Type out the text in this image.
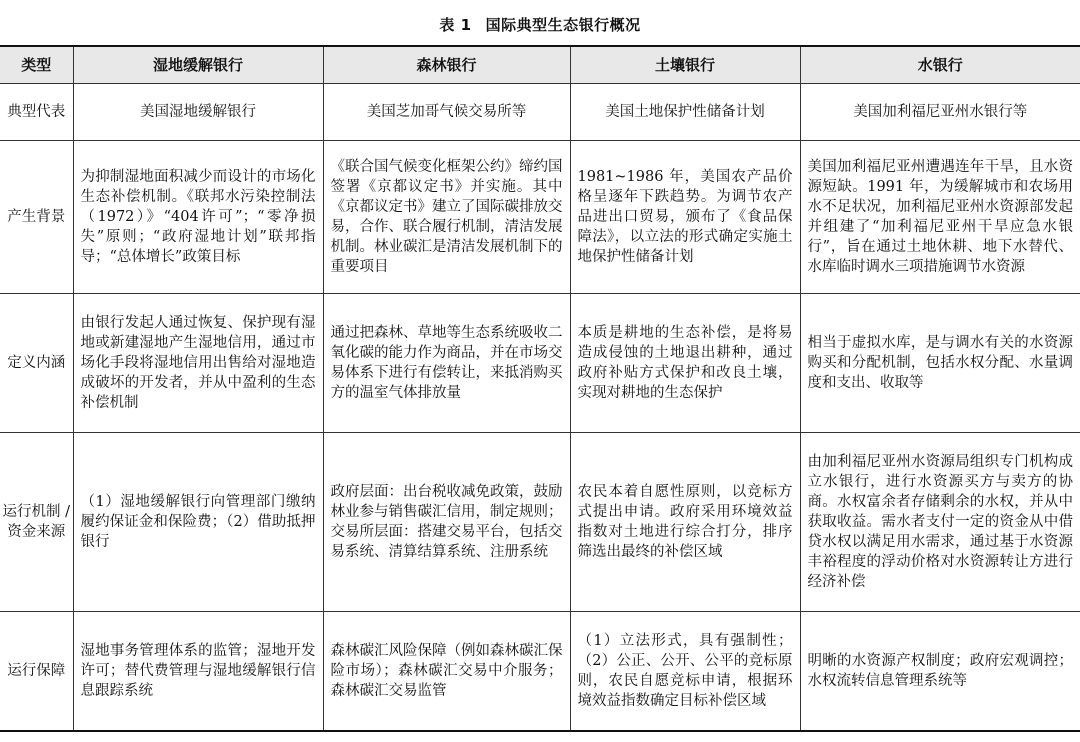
表 1 国际典型生态银行概况
类型	湿地缓解银行	森林银行	土壤银行	水银行
典型代表	美国湿地缓解银行	美国芝加哥气候交易所等	美国土地保护性储备计划	美国加利福尼亚州水银行等
产生背景	为抑制湿地面积减少而设计的市场化生态补偿机制。《联邦水污染控制法（1972）》“404许可”；“零净损失”原则；“政府湿地计划”联邦指导；“总体增长”政策目标	《联合国气候变化框架公约》缔约国签署《京都议定书》并实施。其中《京都议定书》建立了国际碳排放交易，合作、联合履行机制，清洁发展机制。林业碳汇是清洁发展机制下的重要项目	1981~1986 年，美国农产品价格呈逐年下跌趋势。为调节农产品进出口贸易，颁布了《食品保障法》，以立法的形式确定实施土地保护性储备计划	美国加利福尼亚州遭遇连年干旱，且水资源短缺。1991 年，为缓解城市和农场用水不足状况，加利福尼亚州水资源部发起并组建了“加利福尼亚州干旱应急水银行”，旨在通过土地休耕、地下水替代、水库临时调水三项措施调节水资源
定义内涵	由银行发起人通过恢复、保护现有湿地或新建湿地产生湿地信用，通过市场化手段将湿地信用出售给对湿地造成破坏的开发者，并从中盈利的生态补偿机制	通过把森林、草地等生态系统吸收二氧化碳的能力作为商品，并在市场交易体系下进行有偿转让，来抵消购买方的温室气体排放量	本质是耕地的生态补偿，是将易造成侵蚀的土地退出耕种，通过政府补贴方式保护和改良土壤，实现对耕地的生态保护	相当于虚拟水库，是与调水有关的水资源购买和分配机制，包括水权分配、水量调度和支出、收取等
运行机制 / 资金来源	（1）湿地缓解银行向管理部门缴纳履约保证金和保险费；（2）借助抵押银行	政府层面：出台税收减免政策，鼓励林业参与销售碳汇信用，制定规则；交易所层面：搭建交易平台，包括交易系统、清算结算系统、注册系统	农民本着自愿性原则，以竞标方式提出申请。政府采用环境效益指数对土地进行综合打分，排序筛选出最终的补偿区域	由加利福尼亚州水资源局组织专门机构成立水银行，进行水资源买方与卖方的协商。水权富余者存储剩余的水权，并从中获取收益。需水者支付一定的资金从中借贷水权以满足用水需求，通过基于水资源丰裕程度的浮动价格对水资源转让方进行经济补偿
运行保障	湿地事务管理体系的监管；湿地开发许可；替代费管理与湿地缓解银行信息跟踪系统	森林碳汇风险保障（例如森林碳汇保险市场）；森林碳汇交易中介服务；森林碳汇交易监管	（1）立法形式，具有强制性；（2）公正、公开、公平的竞标原则，农民自愿竞标申请，根据环境效益指数确定目标补偿区域	明晰的水资源产权制度；政府宏观调控；水权流转信息管理系统等
